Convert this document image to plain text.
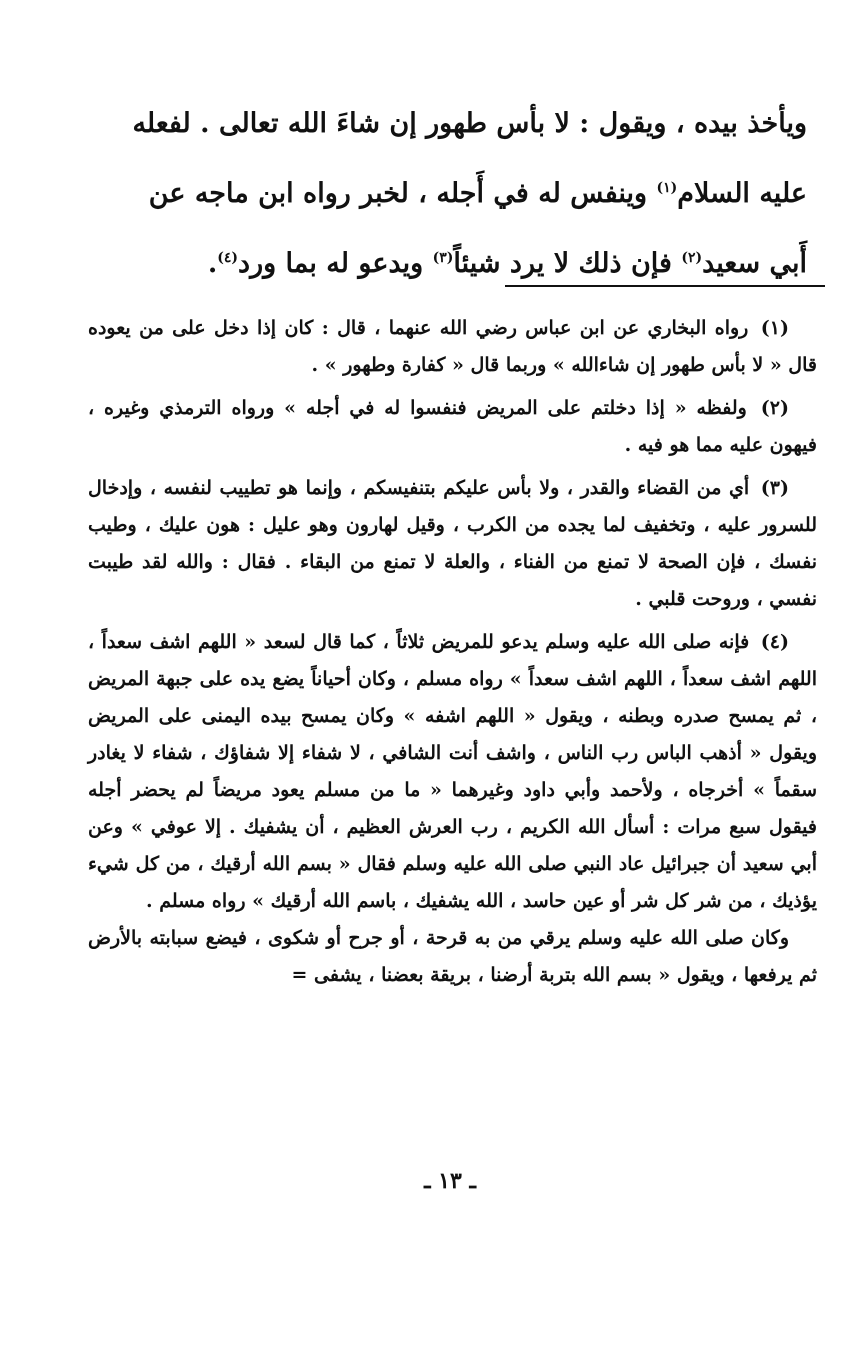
ويأخذ بيده ، ويقول : لا بأس طهور إن شاءَ الله تعالى . لفعله
عليه السلام$^{(١)}$ وينفس له في أَجله ، لخبر رواه ابن ماجه عن
أَبي سعيد$^{(٢)}$ فإن ذلك لا يرد شيئاً$^{(٣)}$ ويدعو له بما ورد$^{(٤)}$.

(١) رواه البخاري عن ابن عباس رضي الله عنهما ، قال : كان إذا دخل على من يعوده قال « لا بأس طهور إن شاءالله » وربما قال « كفارة وطهور » .

(٢) ولفظه « إذا دخلتم على المريض فنفسوا له في أجله » ورواه الترمذي وغيره ، فيهون عليه مما هو فيه .

(٣) أي من القضاء والقدر ، ولا بأس عليكم بتنفيسكم ، وإنما هو تطييب لنفسه ، وإدخال للسرور عليه ، وتخفيف لما يجده من الكرب ، وقيل لهارون وهو عليل : هون عليك ، وطيب نفسك ، فإن الصحة لا تمنع من الفناء ، والعلة لا تمنع من البقاء . فقال : والله لقد طيبت نفسي ، وروحت قلبي .

(٤) فإنه صلى الله عليه وسلم يدعو للمريض ثلاثاً ، كما قال لسعد « اللهم اشف سعداً ، اللهم اشف سعداً ، اللهم اشف سعداً » رواه مسلم ، وكان أحياناً يضع يده على جبهة المريض ، ثم يمسح صدره وبطنه ، ويقول « اللهم اشفه » وكان يمسح بيده اليمنى على المريض ويقول « أذهب الباس رب الناس ، واشف أنت الشافي ، لا شفاء إلا شفاؤك ، شفاء لا يغادر سقماً » أخرجاه ، ولأحمد وأبي داود وغيرهما « ما من مسلم يعود مريضاً لم يحضر أجله فيقول سبع مرات : أسأل الله الكريم ، رب العرش العظيم ، أن يشفيك . إلا عوفي » وعن أبي سعيد أن جبرائيل عاد النبي صلى الله عليه وسلم فقال « بسم الله أرقيك ، من كل شيء يؤذيك ، من شر كل شر أو عين حاسد ، الله يشفيك ، باسم الله أرقيك » رواه مسلم .

وكان صلى الله عليه وسلم يرقي من به قرحة ، أو جرح أو شكوى ، فيضع سبابته بالأرض ثم يرفعها ، ويقول « بسم الله بتربة أرضنا ، بريقة بعضنا ، يشفى =

ـ ١٣ ـ
